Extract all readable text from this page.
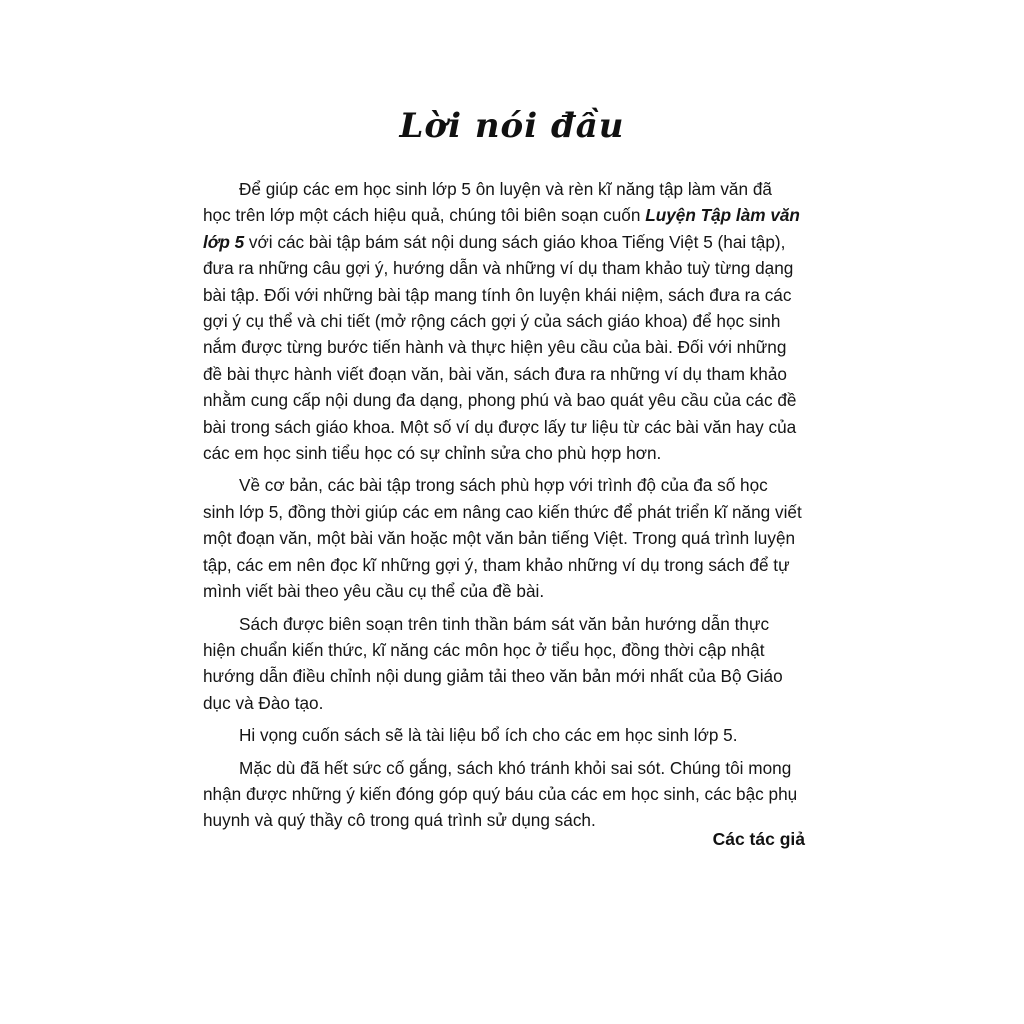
Lời nói đầu

Để giúp các em học sinh lớp 5 ôn luyện và rèn kĩ năng tập làm văn đã học trên lớp một cách hiệu quả, chúng tôi biên soạn cuốn Luyện Tập làm văn lớp 5 với các bài tập bám sát nội dung sách giáo khoa Tiếng Việt 5 (hai tập), đưa ra những câu gợi ý, hướng dẫn và những ví dụ tham khảo tuỳ từng dạng bài tập. Đối với những bài tập mang tính ôn luyện khái niệm, sách đưa ra các gợi ý cụ thể và chi tiết (mở rộng cách gợi ý của sách giáo khoa) để học sinh nắm được từng bước tiến hành và thực hiện yêu cầu của bài. Đối với những đề bài thực hành viết đoạn văn, bài văn, sách đưa ra những ví dụ tham khảo nhằm cung cấp nội dung đa dạng, phong phú và bao quát yêu cầu của các đề bài trong sách giáo khoa. Một số ví dụ được lấy tư liệu từ các bài văn hay của các em học sinh tiểu học có sự chỉnh sửa cho phù hợp hơn.

Về cơ bản, các bài tập trong sách phù hợp với trình độ của đa số học sinh lớp 5, đồng thời giúp các em nâng cao kiến thức để phát triển kĩ năng viết một đoạn văn, một bài văn hoặc một văn bản tiếng Việt. Trong quá trình luyện tập, các em nên đọc kĩ những gợi ý, tham khảo những ví dụ trong sách để tự mình viết bài theo yêu cầu cụ thể của đề bài.

Sách được biên soạn trên tinh thần bám sát văn bản hướng dẫn thực hiện chuẩn kiến thức, kĩ năng các môn học ở tiểu học, đồng thời cập nhật hướng dẫn điều chỉnh nội dung giảm tải theo văn bản mới nhất của Bộ Giáo dục và Đào tạo.

Hi vọng cuốn sách sẽ là tài liệu bổ ích cho các em học sinh lớp 5.

Mặc dù đã hết sức cố gắng, sách khó tránh khỏi sai sót. Chúng tôi mong nhận được những ý kiến đóng góp quý báu của các em học sinh, các bậc phụ huynh và quý thầy cô trong quá trình sử dụng sách.

Các tác giả
